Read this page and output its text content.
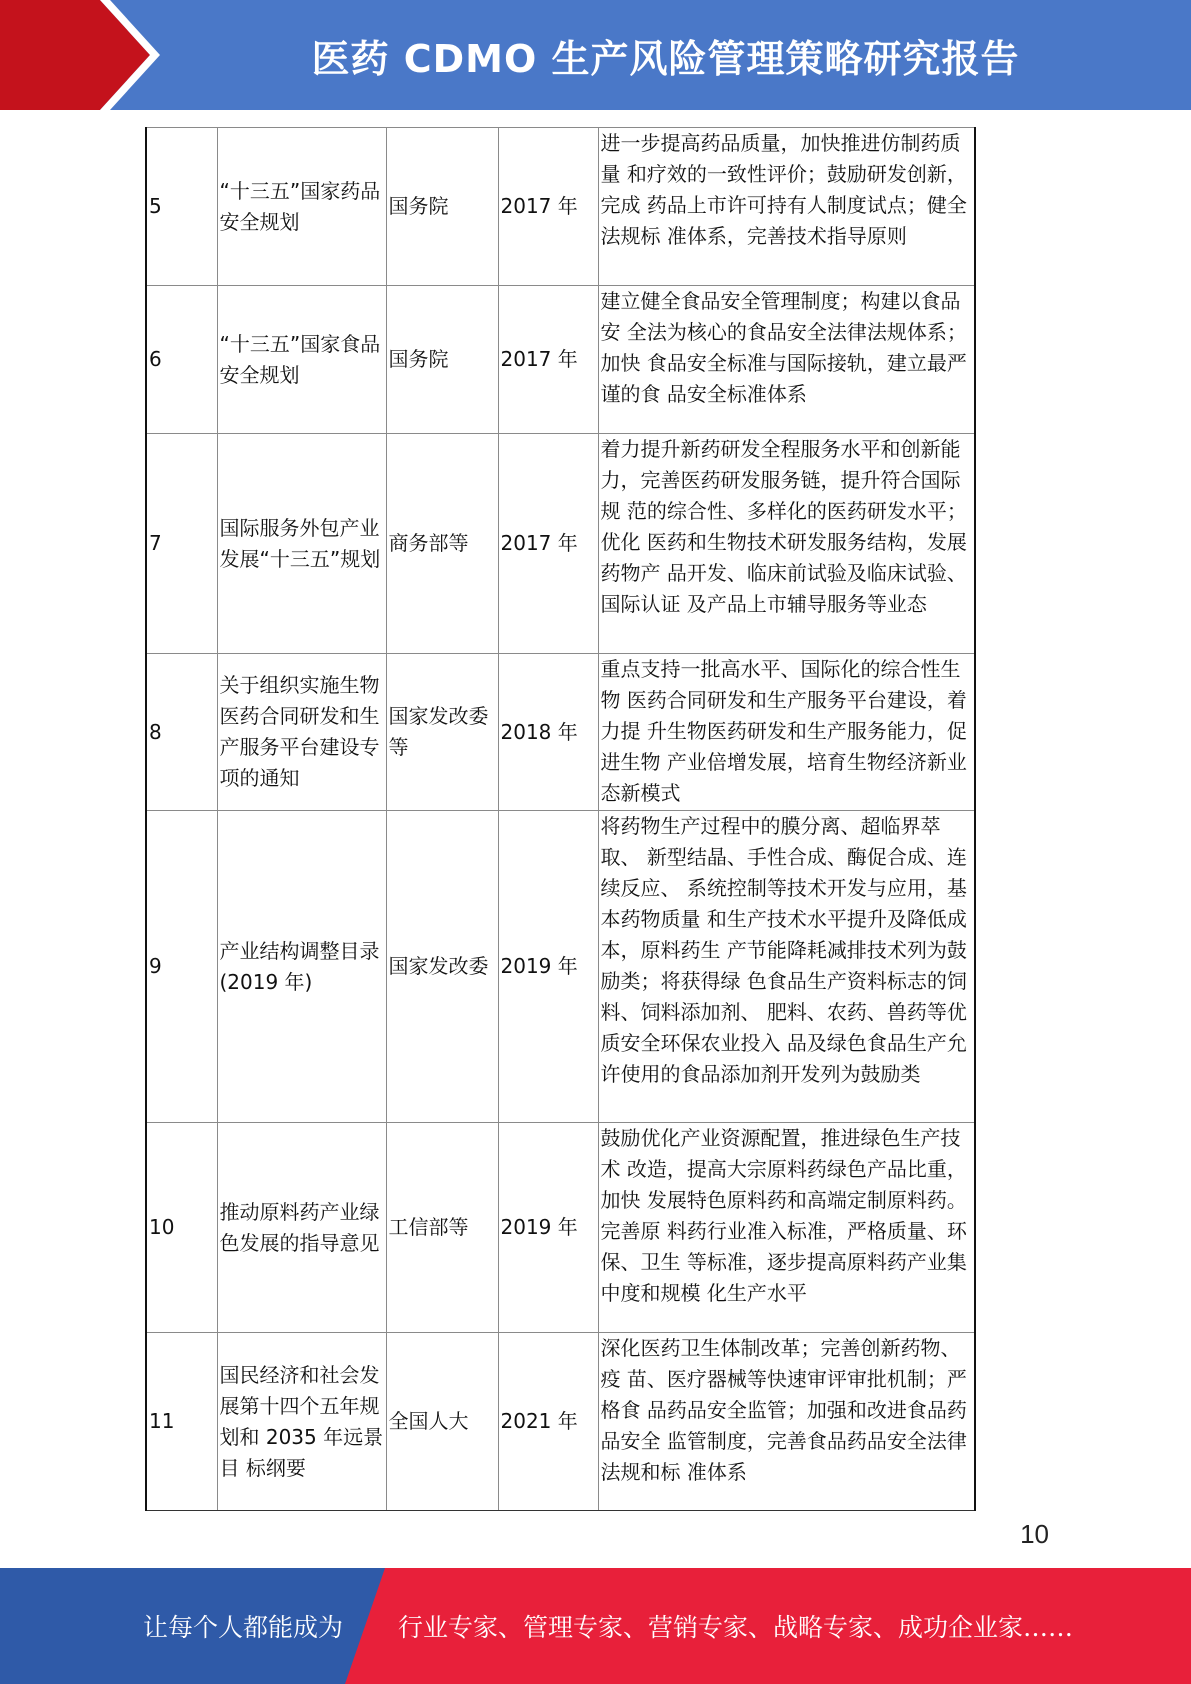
医药 CDMO 生产风险管理策略研究报告
5	“十三五”国家药品安全规划	国务院	2017 年	进一步提高药品质量，加快推进仿制药质量 和疗效的一致性评价；鼓励研发创新，完成 药品上市许可持有人制度试点；健全法规标 准体系，完善技术指导原则
6	“十三五”国家食品安全规划	国务院	2017 年	建立健全食品安全管理制度；构建以食品安 全法为核心的食品安全法律法规体系；加快 食品安全标准与国际接轨，建立最严谨的食 品安全标准体系
7	国际服务外包产业发展“十三五”规划	商务部等	2017 年	着力提升新药研发全程服务水平和创新能 力，完善医药研发服务链，提升符合国际规 范的综合性、多样化的医药研发水平；优化 医药和生物技术研发服务结构，发展药物产 品开发、临床前试验及临床试验、国际认证 及产品上市辅导服务等业态
8	关于组织实施生物医药合同研发和生产服务平台建设专项的通知	国家发改委等	2018 年	重点支持一批高水平、国际化的综合性生物 医药合同研发和生产服务平台建设，着力提 升生物医药研发和生产服务能力，促进生物 产业倍增发展，培育生物经济新业态新模式
9	产业结构调整目录(2019 年)	国家发改委	2019 年	将药物生产过程中的膜分离、超临界萃取、 新型结晶、手性合成、酶促合成、连续反应、 系统控制等技术开发与应用，基本药物质量 和生产技术水平提升及降低成本，原料药生 产节能降耗减排技术列为鼓励类；将获得绿 色食品生产资料标志的饲料、饲料添加剂、 肥料、农药、兽药等优质安全环保农业投入 品及绿色食品生产允许使用的食品添加剂开发列为鼓励类
10	推动原料药产业绿色发展的指导意见	工信部等	2019 年	鼓励优化产业资源配置，推进绿色生产技术 改造，提高大宗原料药绿色产品比重，加快 发展特色原料药和高端定制原料药。完善原 料药行业准入标准，严格质量、环保、卫生 等标准，逐步提高原料药产业集中度和规模 化生产水平
11	国民经济和社会发展第十四个五年规划和 2035 年远景目 标纲要	全国人大	2021 年	深化医药卫生体制改革；完善创新药物、疫 苗、医疗器械等快速审评审批机制；严格食 品药品安全监管；加强和改进食品药品安全 监管制度，完善食品药品安全法律法规和标 准体系
10
让每个人都能成为 行业专家、管理专家、营销专家、战略专家、成功企业家……
